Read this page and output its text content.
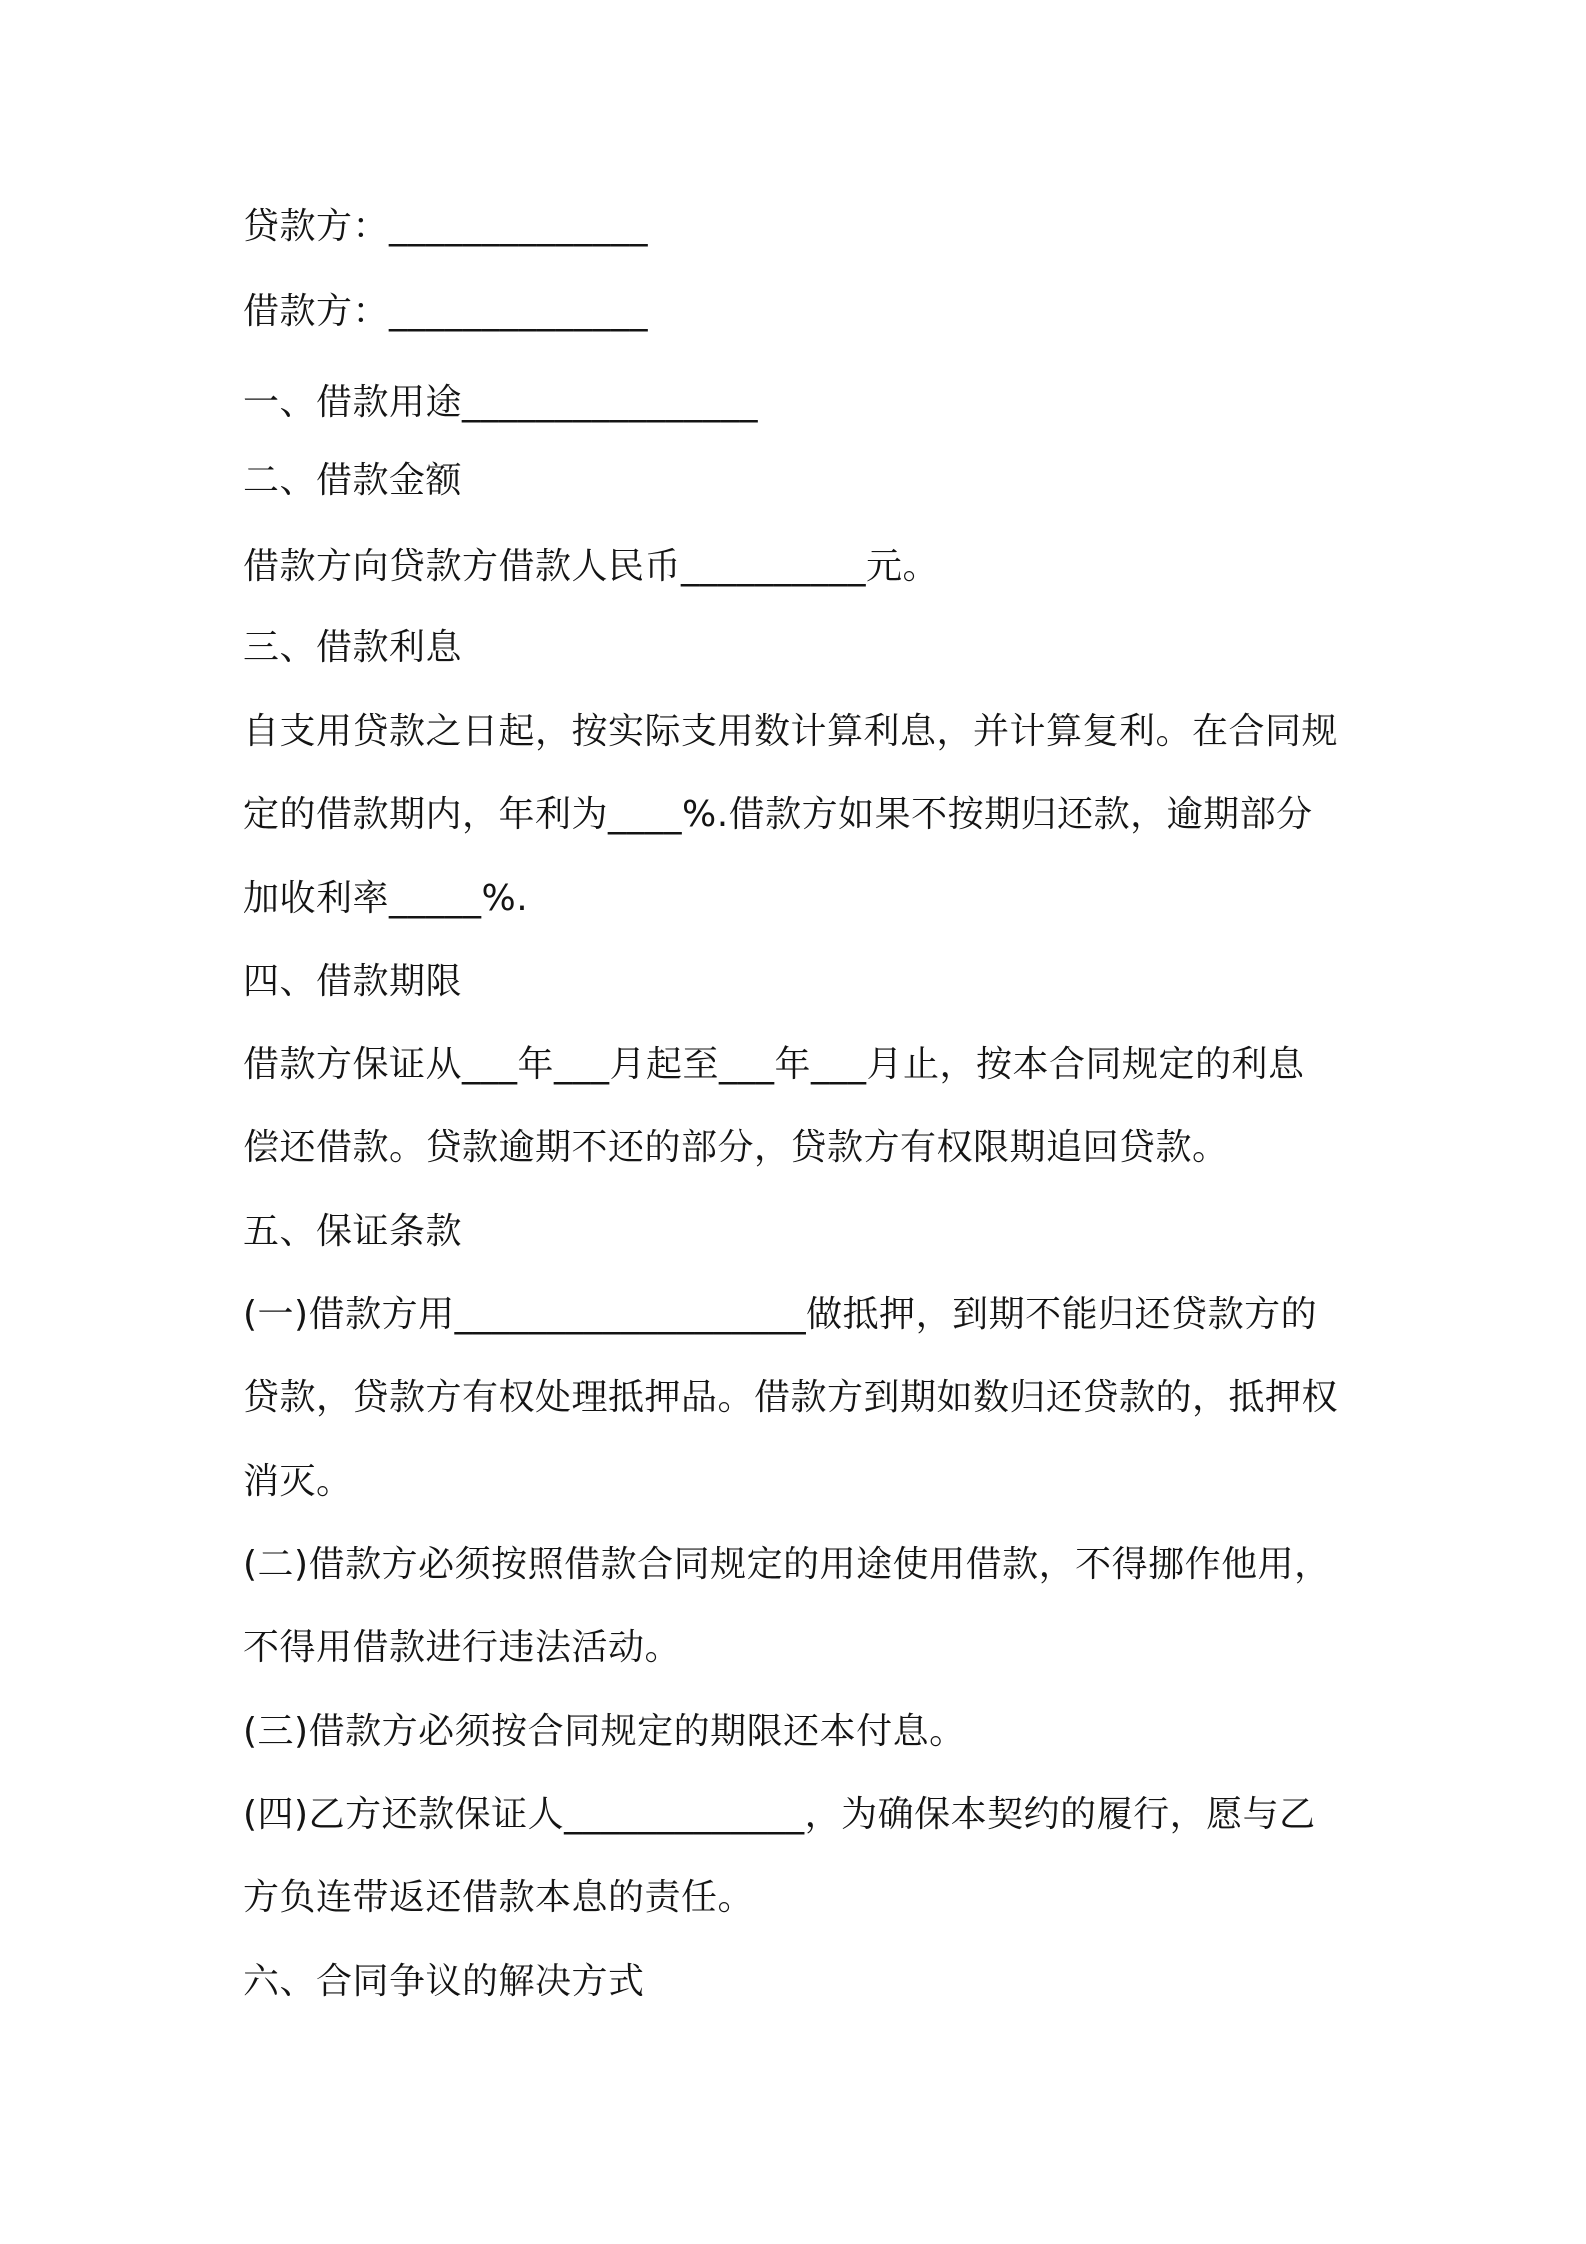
贷款方：______________

借款方：______________

一、借款用途________________

二、借款金额

借款方向贷款方借款人民币__________元。

三、借款利息

自支用贷款之日起，按实际支用数计算利息，并计算复利。在合同规

定的借款期内，年利为____%.借款方如果不按期归还款，逾期部分

加收利率_____%.

四、借款期限

借款方保证从___年___月起至___年___月止，按本合同规定的利息

偿还借款。贷款逾期不还的部分，贷款方有权限期追回贷款。

五、保证条款

(一)借款方用___________________做抵押，到期不能归还贷款方的

贷款，贷款方有权处理抵押品。借款方到期如数归还贷款的，抵押权

消灭。

(二)借款方必须按照借款合同规定的用途使用借款，不得挪作他用，

不得用借款进行违法活动。

(三)借款方必须按合同规定的期限还本付息。

(四)乙方还款保证人_____________，为确保本契约的履行，愿与乙

方负连带返还借款本息的责任。

六、合同争议的解决方式
